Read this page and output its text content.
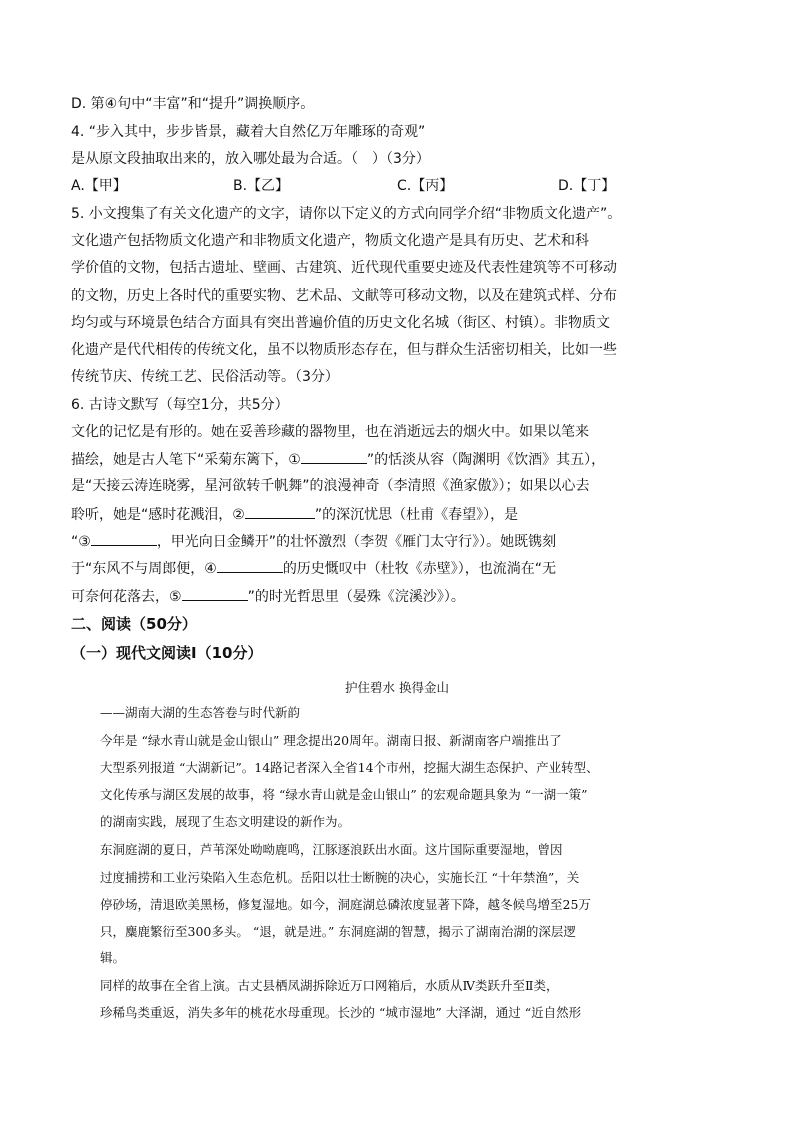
D. 第④句中“丰富”和“提升”调换顺序。
4. “步入其中，步步皆景，藏着大自然亿万年雕琢的奇观”
是从原文段抽取出来的，放入哪处最为合适。（　）（3分）
A.【甲】	B.【乙】	C.【丙】	D.【丁】
5. 小文搜集了有关文化遗产的文字，请你以下定义的方式向同学介绍“非物质文化遗产”。
文化遗产包括物质文化遗产和非物质文化遗产，物质文化遗产是具有历史、艺术和科
学价值的文物，包括古遗址、壁画、古建筑、近代现代重要史迹及代表性建筑等不可移动
的文物，历史上各时代的重要实物、艺术品、文献等可移动文物，以及在建筑式样、分布
均匀或与环境景色结合方面具有突出普遍价值的历史文化名城（街区、村镇）。非物质文
化遗产是代代相传的传统文化，虽不以物质形态存在，但与群众生活密切相关，比如一些
传统节庆、传统工艺、民俗活动等。（3分）
6. 古诗文默写（每空1分，共5分）
文化的记忆是有形的。她在妥善珍藏的器物里，也在消逝远去的烟火中。如果以笔来
描绘，她是古人笔下“采菊东篱下，①	”的恬淡从容（陶渊明《饮酒》其五），
是“天接云涛连晓雾，星河欲转千帆舞”的浪漫神奇（李清照《渔家傲》）；如果以心去
聆听，她是“感时花溅泪，②	”的深沉忧思（杜甫《春望》），是
“③	，甲光向日金鳞开”的壮怀激烈（李贺《雁门太守行》）。她既镌刻
于“东风不与周郎便，④	的历史慨叹中（杜牧《赤壁》），也流淌在“无
可奈何花落去，⑤	”的时光哲思里（晏殊《浣溪沙》）。
二、阅读（50分）
（一）现代文阅读Ⅰ（10分）
护住碧水 换得金山
——湖南大湖的生态答卷与时代新韵
今年是 “绿水青山就是金山银山” 理念提出20周年。湖南日报、新湖南客户端推出了
大型系列报道 “大湖新记”。14路记者深入全省14个市州，挖掘大湖生态保护、产业转型、
文化传承与湖区发展的故事，将 “绿水青山就是金山银山” 的宏观命题具象为 “一湖一策”
的湖南实践，展现了生态文明建设的新作为。
东洞庭湖的夏日，芦苇深处呦呦鹿鸣，江豚逐浪跃出水面。这片国际重要湿地，曾因
过度捕捞和工业污染陷入生态危机。岳阳以壮士断腕的决心，实施长江 “十年禁渔”，关
停砂场，清退欧美黑杨，修复湿地。如今，洞庭湖总磷浓度显著下降，越冬候鸟增至25万
只，麋鹿繁衍至300多头。 “退，就是进。” 东洞庭湖的智慧，揭示了湖南治湖的深层逻
辑。
同样的故事在全省上演。古丈县栖凤湖拆除近万口网箱后，水质从Ⅳ类跃升至Ⅱ类，
珍稀鸟类重返，消失多年的桃花水母重现。长沙的 “城市湿地” 大泽湖，通过 “近自然形
